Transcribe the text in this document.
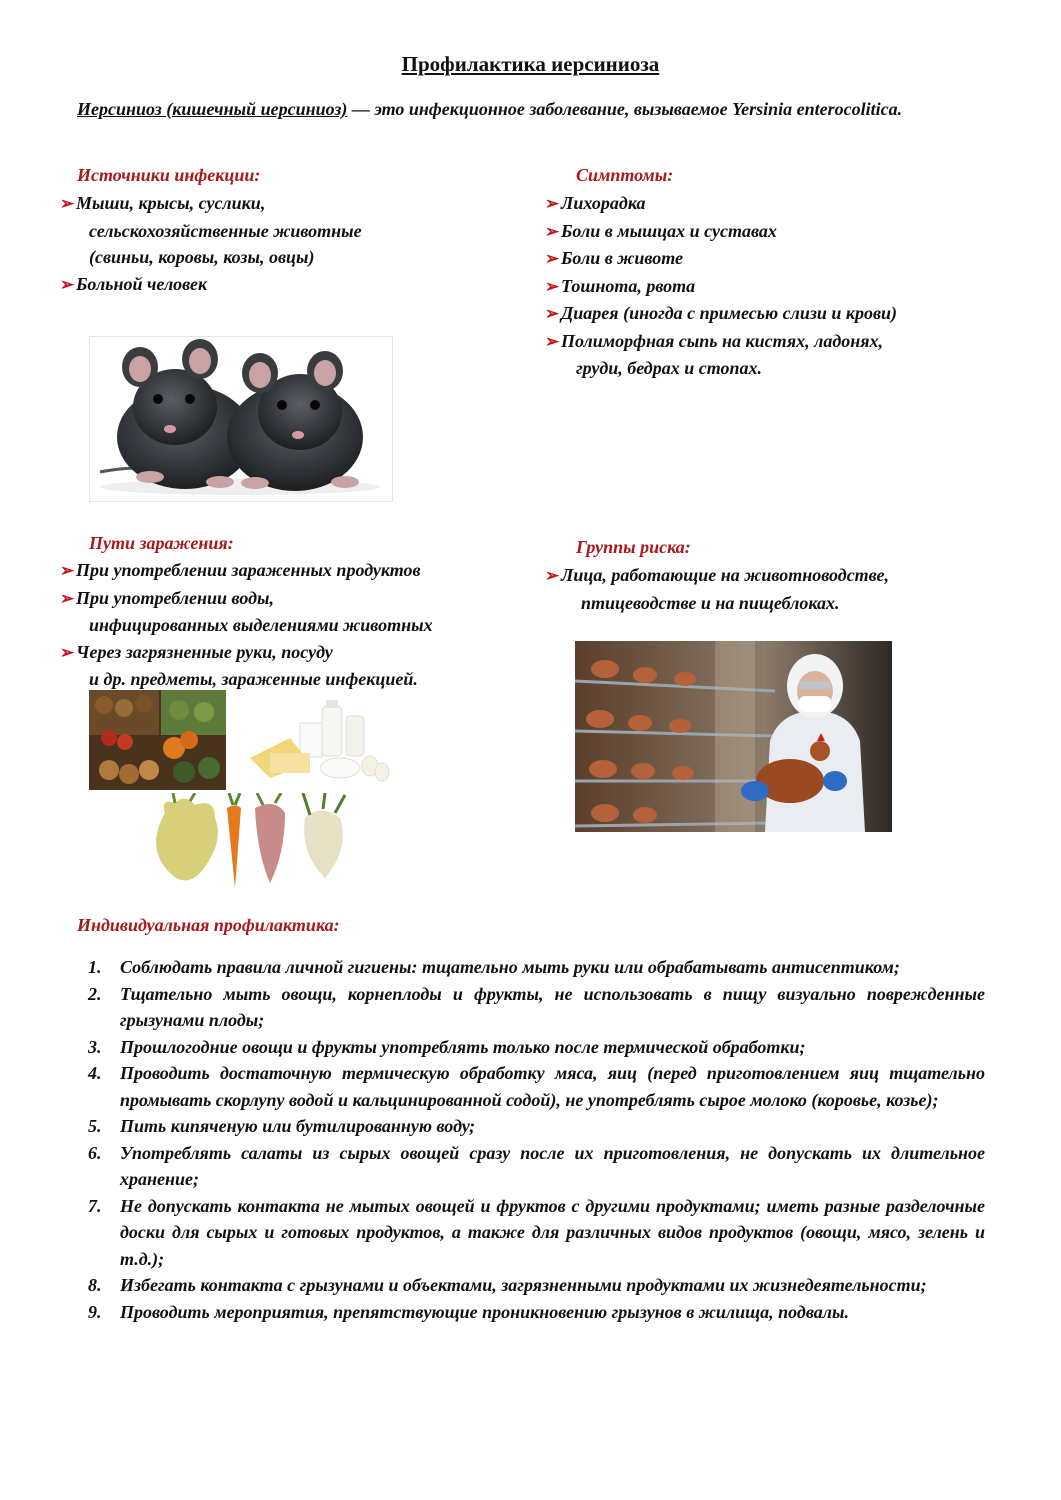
Профилактика иерсиниоза
Иерсиниоз (кишечный иерсиниоз) — это инфекционное заболевание, вызываемое Yersinia enterocolitica.
Источники инфекции:
➢Мыши, крысы, суслики,
сельскохозяйственные животные
(свиньи, коровы, козы, овцы)
➢Больной человек
Симптомы:
➢Лихорадка
➢Боли в мышцах и суставах
➢Боли в животе
➢Тошнота, рвота
➢Диарея (иногда с примесью слизи и крови)
➢Полиморфная сыпь на кистях, ладонях,
груди, бедрах и стопах.
Пути заражения:
➢При употреблении зараженных продуктов
➢При употреблении воды,
инфицированных выделениями животных
➢Через загрязненные руки, посуду
и др. предметы, зараженные инфекцией.
Группы риска:
➢Лица, работающие на животноводстве,
птицеводстве и на пищеблоках.
Индивидуальная профилактика:
1.	Соблюдать правила личной гигиены: тщательно мыть руки или обрабатывать антисептиком;
2.	Тщательно мыть овощи, корнеплоды и фрукты, не использовать в пищу визуально поврежденные грызунами плоды;
3.	Прошлогодние овощи и фрукты употреблять только после термической обработки;
4.	Проводить достаточную термическую обработку мяса, яиц (перед приготовлением яиц тщательно промывать скорлупу водой и кальцинированной содой), не употреблять сырое молоко (коровье, козье);
5.	Пить кипяченую или бутилированную воду;
6.	Употреблять салаты из сырых овощей сразу после их приготовления, не допускать их длительное хранение;
7.	Не допускать контакта не мытых овощей и фруктов с другими продуктами; иметь разные разделочные доски для сырых и готовых продуктов, а также для различных видов продуктов (овощи, мясо, зелень и т.д.);
8.	Избегать контакта с грызунами и объектами, загрязненными продуктами их жизнедеятельности;
9.	Проводить мероприятия, препятствующие проникновению грызунов в жилища, подвалы.
